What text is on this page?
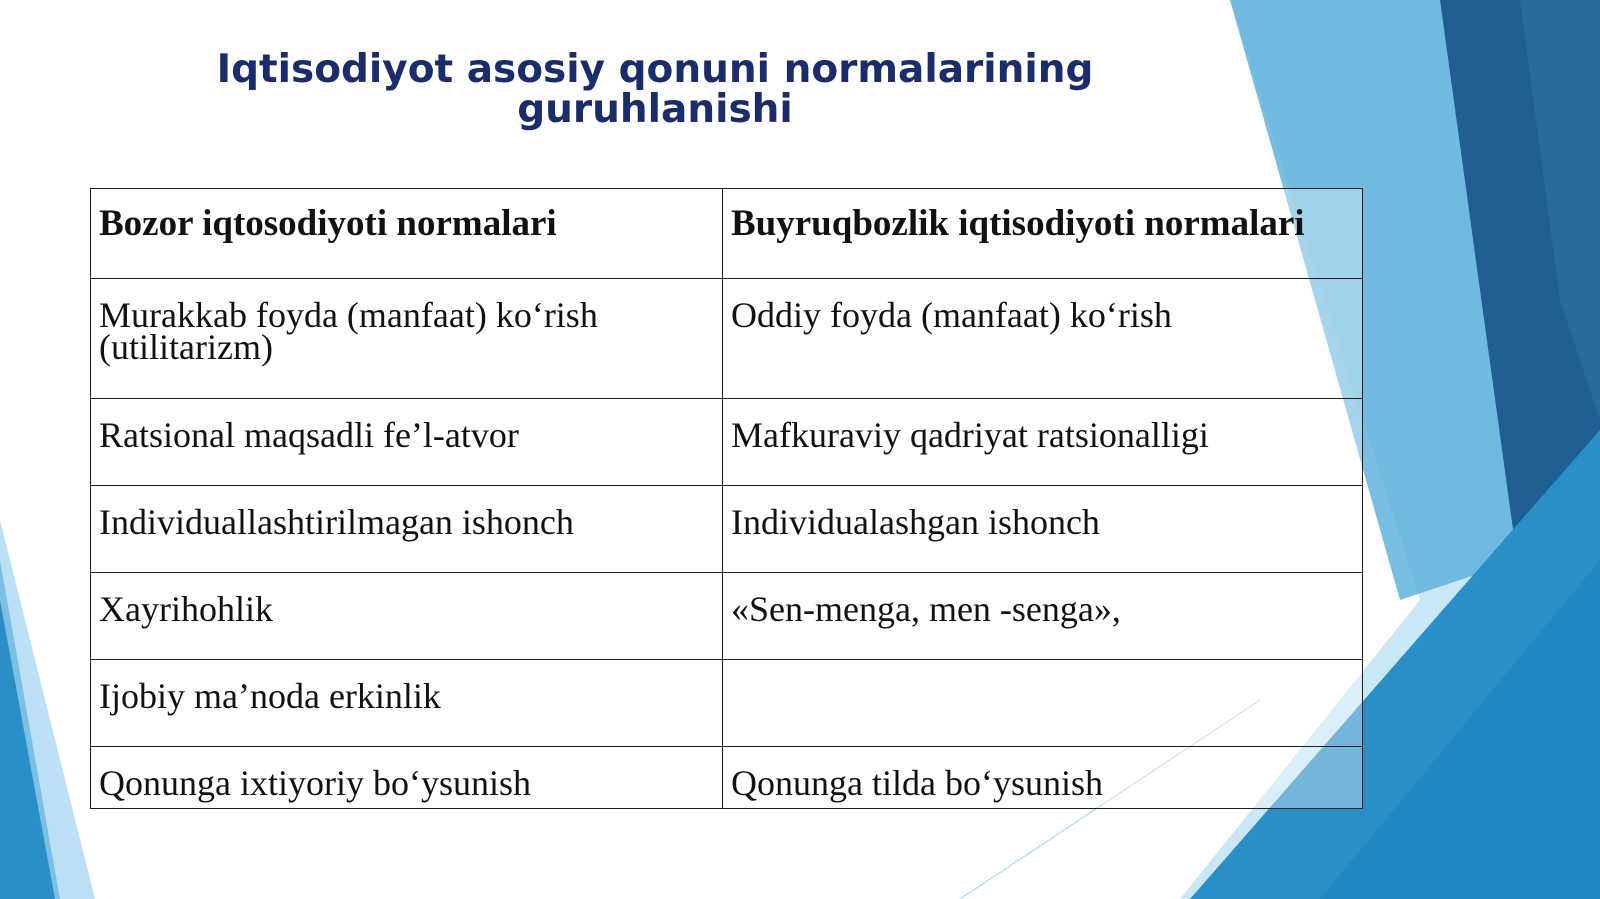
Iqtisodiyot asosiy qonuni normalarining
guruhlanishi
Bozor iqtosodiyoti normalari	Buyruqbozlik iqtisodiyoti normalari
Murakkab foyda (manfaat) ko‘rish (utilitarizm)	Oddiy foyda (manfaat) ko‘rish
Ratsional maqsadli fe’l-atvor	Mafkuraviy qadriyat ratsionalligi
Individuallashtirilmagan ishonch	Individualashgan ishonch
Xayrihohlik	«Sen-menga, men -senga»,
Ijobiy ma’noda erkinlik	
Qonunga ixtiyoriy bo‘ysunish	Qonunga tilda bo‘ysunish
